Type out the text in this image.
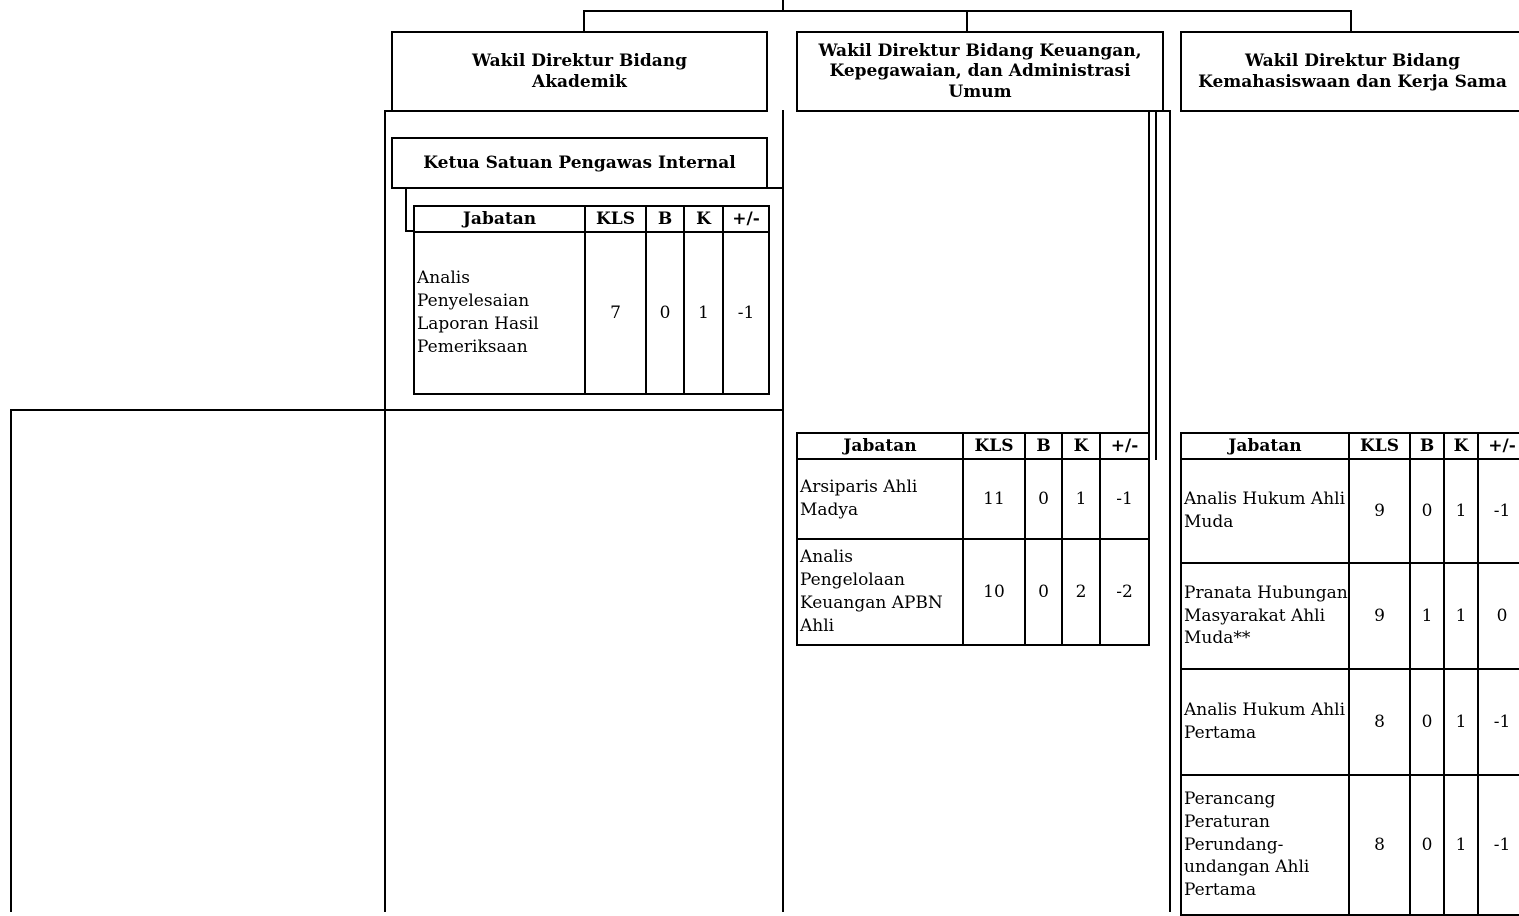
Wakil Direktur Bidang Akademik
Wakil Direktur Bidang Keuangan, Kepegawaian, dan Administrasi Umum
Wakil Direktur Bidang Kemahasiswaan dan Kerja Sama
Ketua Satuan Pengawas Internal
Jabatan	KLS	B	K	+/-
Analis Penyelesaian Laporan Hasil Pemeriksaan	7	0	1	-1
Jabatan	KLS	B	K	+/-
Arsiparis Ahli Madya	11	0	1	-1
Analis Pengelolaan Keuangan APBN Ahli	10	0	2	-2
Jabatan	KLS	B	K	+/-
Analis Hukum Ahli Muda	9	0	1	-1
Pranata Hubungan Masyarakat Ahli Muda**	9	1	1	0
Analis Hukum Ahli Pertama	8	0	1	-1
Perancang Peraturan Perundang-undangan Ahli Pertama	8	0	1	-1
